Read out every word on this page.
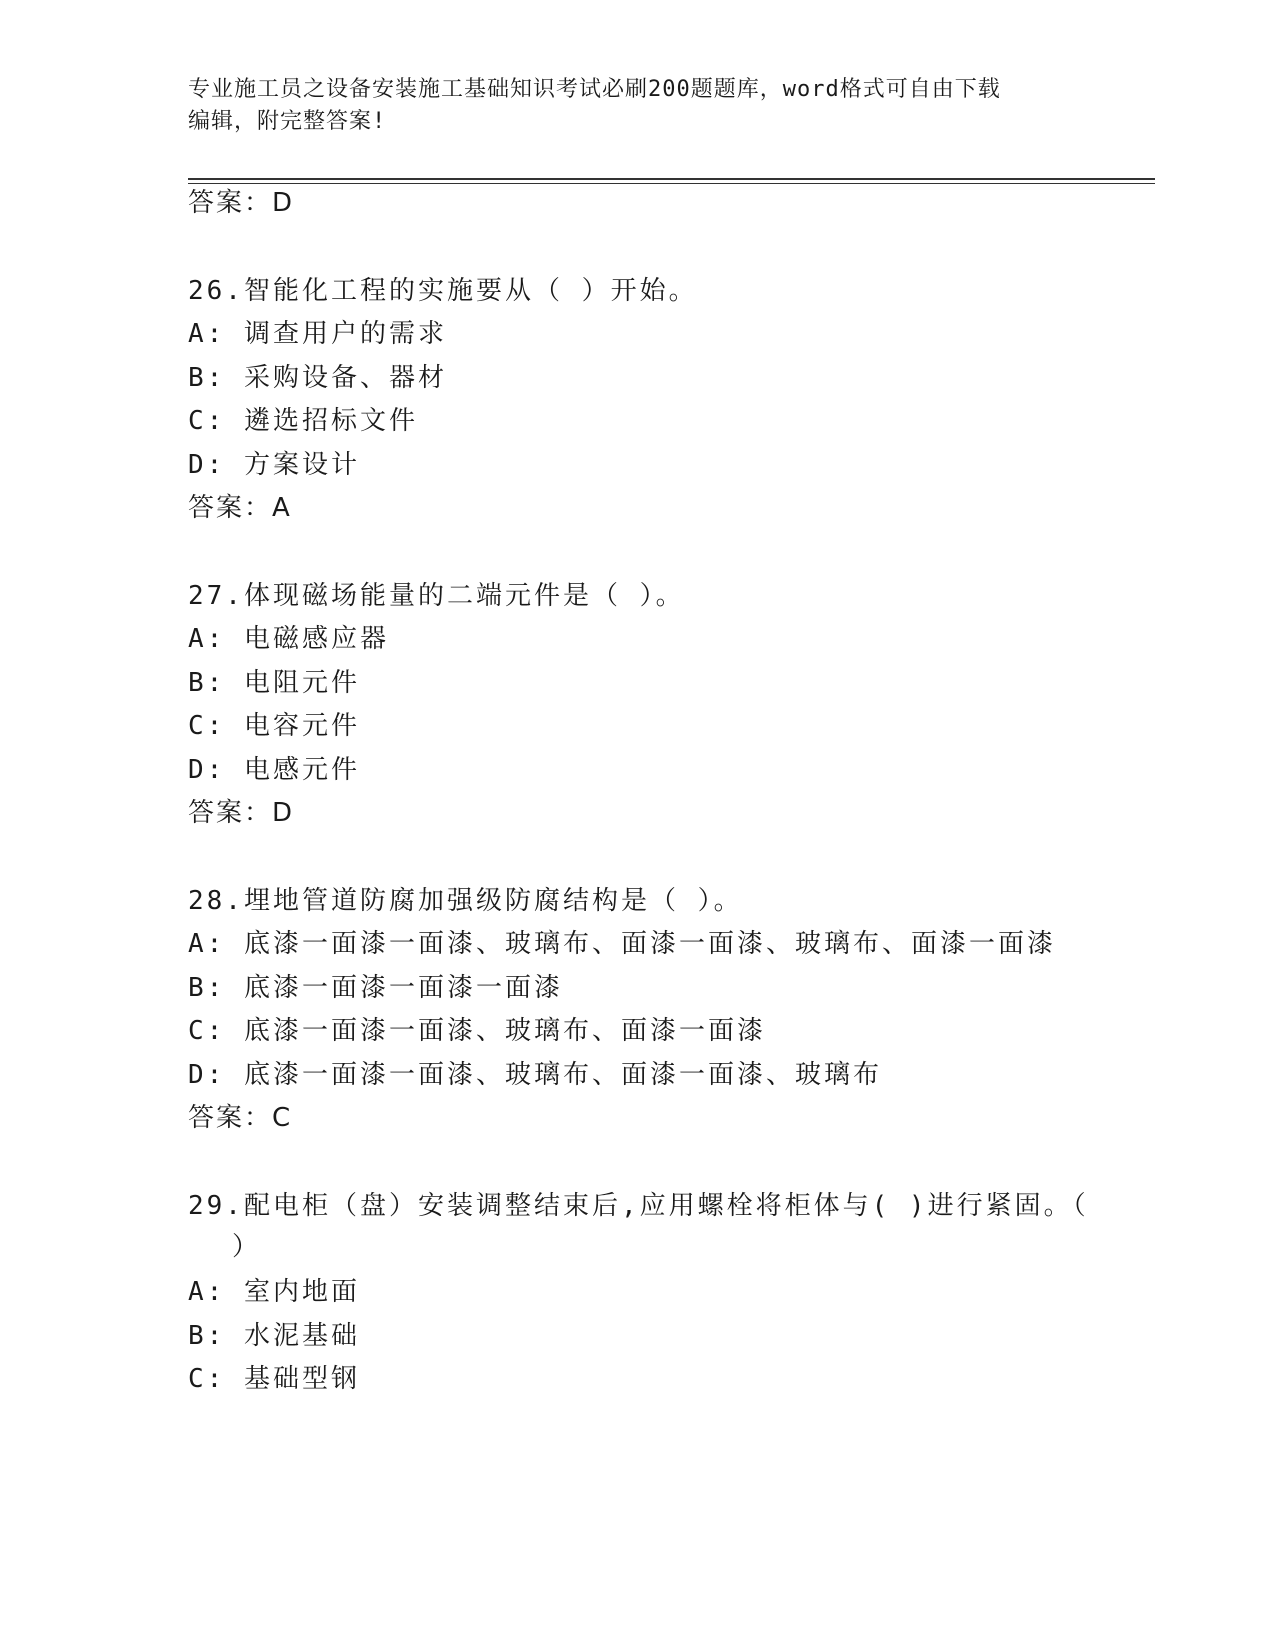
专业施工员之设备安装施工基础知识考试必刷200题题库，word格式可自由下载
编辑，附完整答案!
答案：D
26.智能化工程的实施要从（ ）开始。
A: 调查用户的需求
B: 采购设备、器材
C: 遴选招标文件
D: 方案设计
答案：A
27.体现磁场能量的二端元件是（ ）。
A: 电磁感应器
B: 电阻元件
C: 电容元件
D: 电感元件
答案：D
28.埋地管道防腐加强级防腐结构是（ ）。
A: 底漆一面漆一面漆、玻璃布、面漆一面漆、玻璃布、面漆一面漆
B: 底漆一面漆一面漆一面漆
C: 底漆一面漆一面漆、玻璃布、面漆一面漆
D: 底漆一面漆一面漆、玻璃布、面漆一面漆、玻璃布
答案：C
29.配电柜（盘）安装调整结束后,应用螺栓将柜体与( )进行紧固。（
）
A: 室内地面
B: 水泥基础
C: 基础型钢
